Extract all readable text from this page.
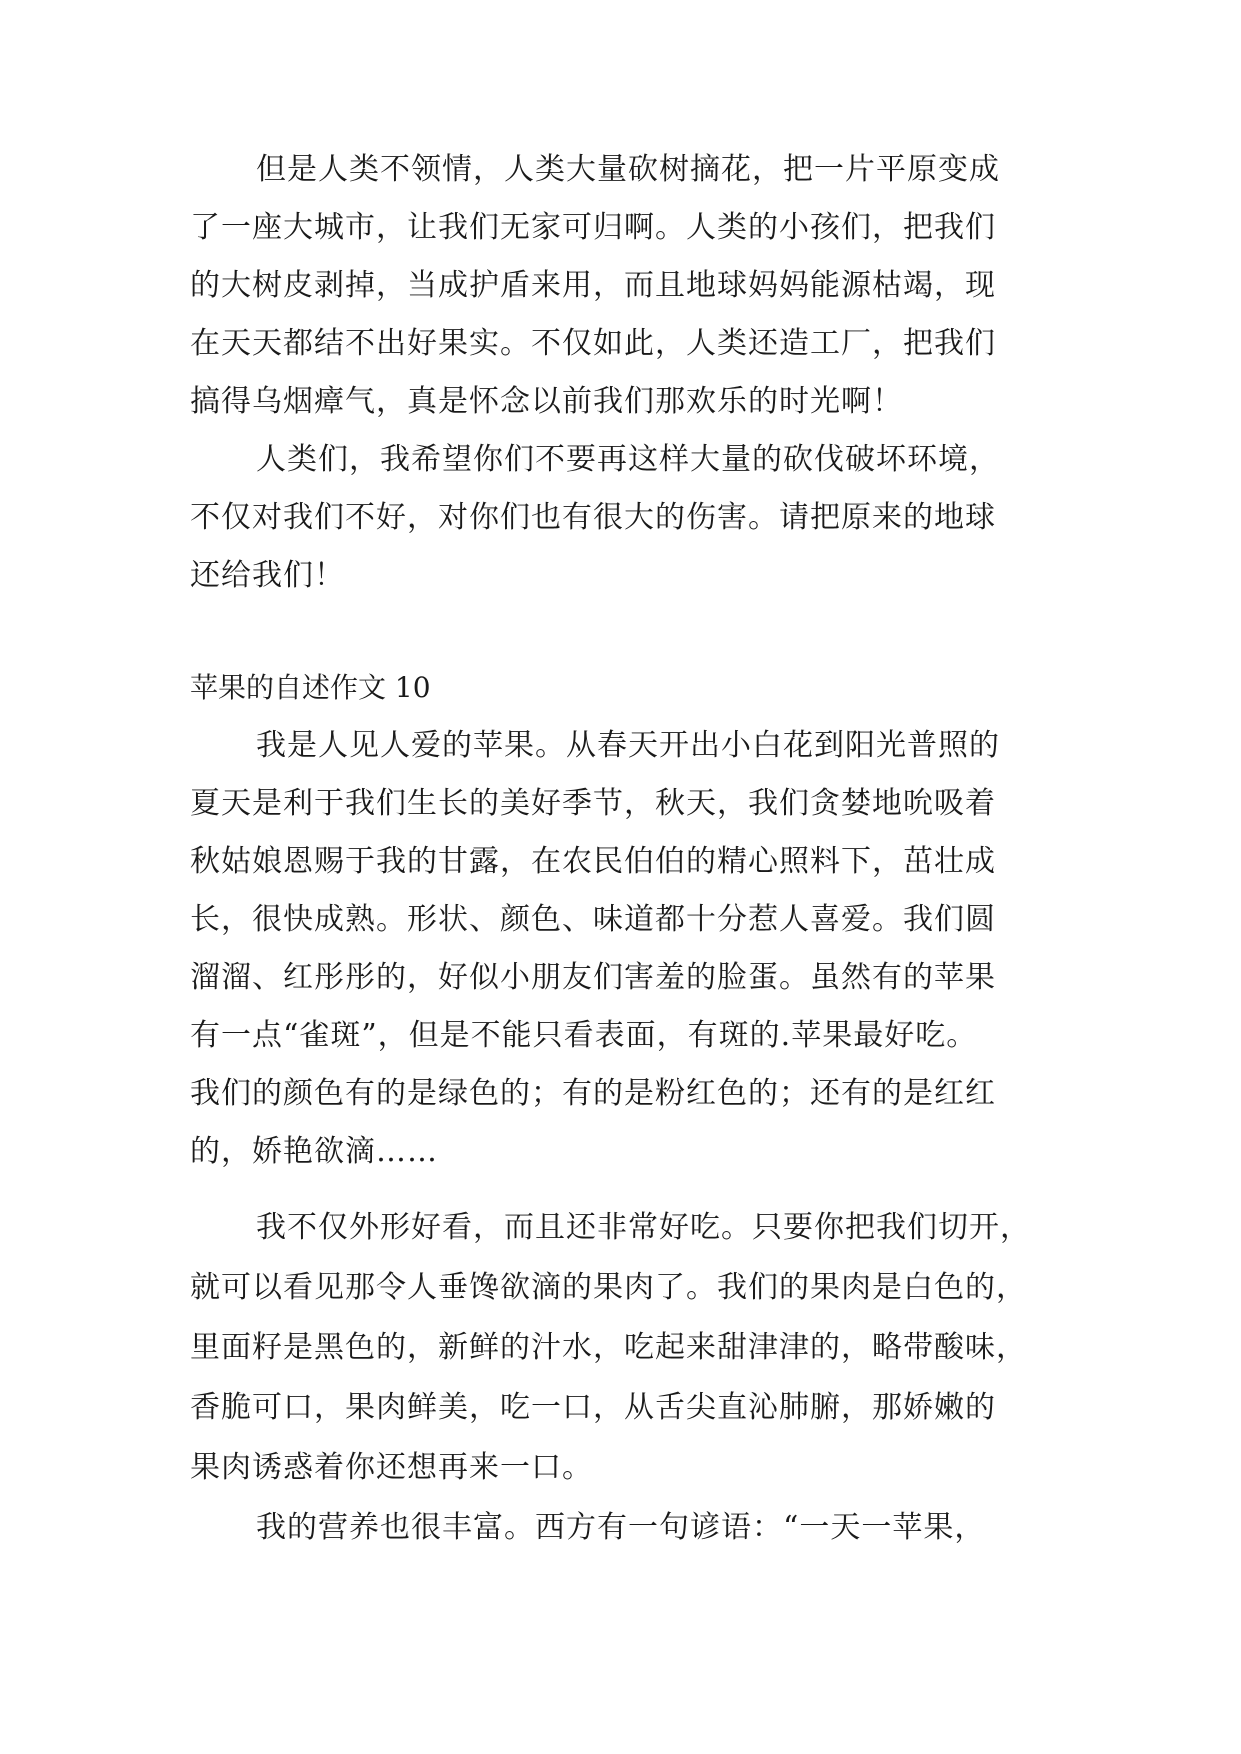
但是人类不领情，人类大量砍树摘花，把一片平原变成
了一座大城市，让我们无家可归啊。人类的小孩们，把我们
的大树皮剥掉，当成护盾来用，而且地球妈妈能源枯竭，现
在天天都结不出好果实。不仅如此，人类还造工厂，把我们
搞得乌烟瘴气，真是怀念以前我们那欢乐的时光啊！
人类们，我希望你们不要再这样大量的砍伐破坏环境，
不仅对我们不好，对你们也有很大的伤害。请把原来的地球
还给我们！
苹果的自述作文 10
我是人见人爱的苹果。从春天开出小白花到阳光普照的
夏天是利于我们生长的美好季节，秋天，我们贪婪地吮吸着
秋姑娘恩赐于我的甘露，在农民伯伯的精心照料下，茁壮成
长，很快成熟。形状、颜色、味道都十分惹人喜爱。我们圆
溜溜、红彤彤的，好似小朋友们害羞的脸蛋。虽然有的苹果
有一点“雀斑”，但是不能只看表面，有斑的.苹果最好吃。
我们的颜色有的是绿色的；有的是粉红色的；还有的是红红
的，娇艳欲滴……
我不仅外形好看，而且还非常好吃。只要你把我们切开，
就可以看见那令人垂馋欲滴的果肉了。我们的果肉是白色的，
里面籽是黑色的，新鲜的汁水，吃起来甜津津的，略带酸味，
香脆可口，果肉鲜美，吃一口，从舌尖直沁肺腑，那娇嫩的
果肉诱惑着你还想再来一口。
我的营养也很丰富。西方有一句谚语：“一天一苹果，
